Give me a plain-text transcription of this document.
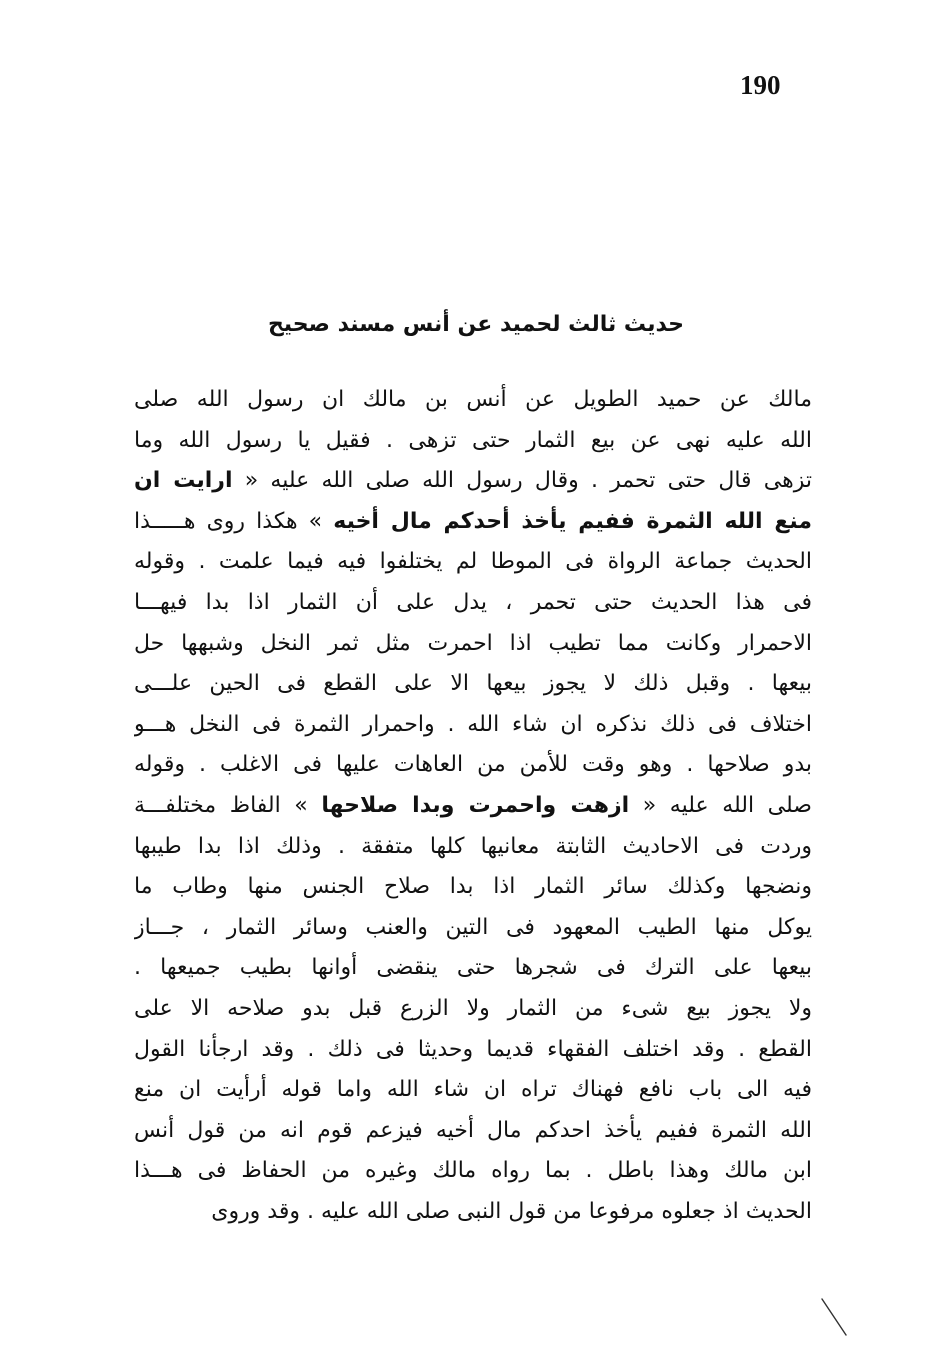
190
حديث ثالث لحميد عن أنس مسند صحيح
مالك عن حميد الطويل عن أنس بن مالك ان رسول الله صلى
الله عليه نهى عن بيع الثمار حتى تزهى . فقيل يا رسول الله وما
تزهى قال حتى تحمر . وقال رسول الله صلى الله عليه « ارايت ان
منع الله الثمرة ففيم يأخذ أحدكم مال أخيه » هكذا روى هـــــذا
الحديث جماعة الرواة فى الموطا لم يختلفوا فيه فيما علمت . وقوله
فى هذا الحديث حتى تحمر ، يدل على أن الثمار اذا بدا فيهـــا
الاحمرار وكانت مما تطيب اذا احمرت مثل ثمر النخل وشبهها حل
بيعها . وقبل ذلك لا يجوز بيعها الا على القطع فى الحين علـــى
اختلاف فى ذلك نذكره ان شاء الله . واحمرار الثمرة فى النخل هـــو
بدو صلاحها . وهو وقت للأمن من العاهات عليها فى الاغلب . وقوله
صلى الله عليه « ازهت واحمرت وبدا صلاحها » الفاظ مختلفـــة
وردت فى الاحاديث الثابتة معانيها كلها متفقة . وذلك اذا بدا طيبها
ونضجها وكذلك سائر الثمار اذا بدا صلاح الجنس منها وطاب ما
يوكل منها الطيب المعهود فى التين والعنب وسائر الثمار ، جـــاز
بيعها على الترك فى شجرها حتى ينقضى أوانها بطيب جميعها .
ولا يجوز بيع شىء من الثمار ولا الزرع قبل بدو صلاحه الا على
القطع . وقد اختلف الفقهاء قديما وحديثا فى ذلك . وقد ارجأنا القول
فيه الى باب نافع فهناك تراه ان شاء الله واما قوله أرأيت ان منع
الله الثمرة ففيم يأخذ احدكم مال أخيه فيزعم قوم انه من قول أنس
ابن مالك وهذا باطل . بما رواه مالك وغيره من الحفاظ فى هـــذا
الحديث اذ جعلوه مرفوعا من قول النبى صلى الله عليه . وقد وروى
